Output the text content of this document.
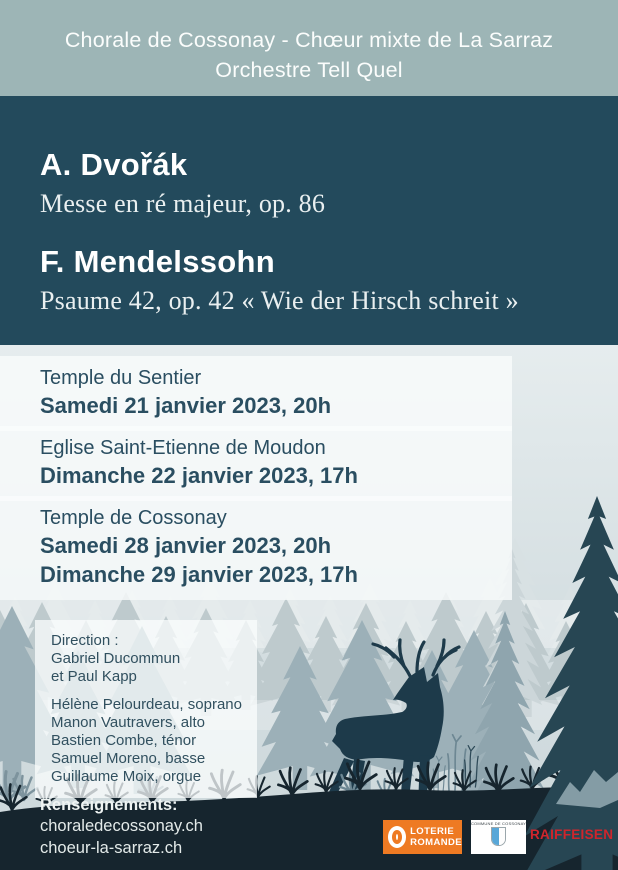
Chorale de Cossonay - Chœur mixte de La Sarraz
Orchestre Tell Quel
A. Dvořák
Messe en ré majeur, op. 86
F. Mendelssohn
Psaume 42, op. 42 « Wie der Hirsch schreit »
Temple du Sentier
Samedi 21 janvier 2023, 20h
Eglise Saint-Etienne de Moudon
Dimanche 22 janvier 2023, 17h
Temple de Cossonay
Samedi 28 janvier 2023, 20h
Dimanche 29 janvier 2023, 17h
Direction :
Gabriel Ducommun
et Paul Kapp
Hélène Pelourdeau, soprano
Manon Vautravers, alto
Bastien Combe, ténor
Samuel Moreno, basse
Guillaume Moix, orgue
Renseignements:
choraledecossonay.ch
choeur-la-sarraz.ch
LOTERIE
ROMANDE
COMMUNE DE COSSONAY
RAIFFEISEN
